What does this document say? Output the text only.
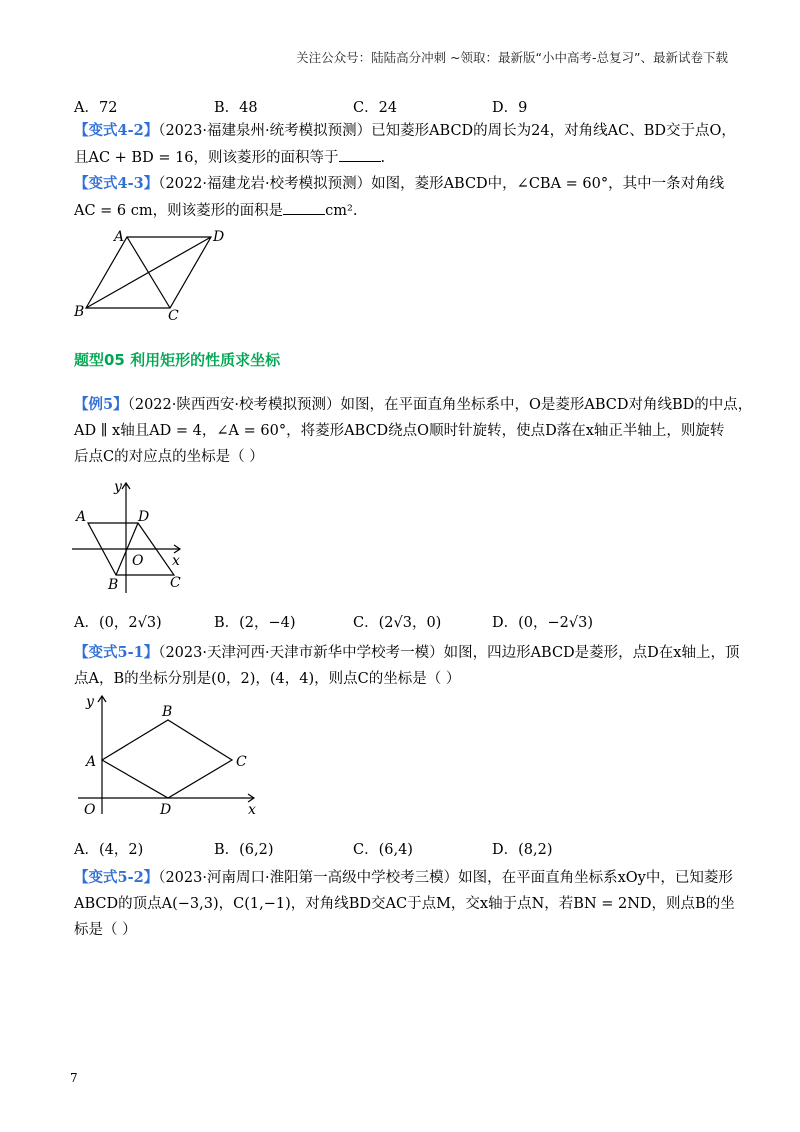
关注公众号：陆陆高分冲刺 ~领取：最新版“小中高考-总复习”、最新试卷下载
A．72	B．48	C．24	D．9
【变式4-2】（2023·福建泉州·统考模拟预测）已知菱形ABCD的周长为24，对角线AC、BD交于点O，
且AC + BD = 16，则该菱形的面积等于	.
【变式4-3】（2022·福建龙岩·校考模拟预测）如图，菱形ABCD中，∠CBA = 60°，其中一条对角线
AC = 6 cm，则该菱形的面积是	cm².
A	D
B	C
题型05 利用矩形的性质求坐标
【例5】（2022·陕西西安·校考模拟预测）如图，在平面直角坐标系中，O是菱形ABCD对角线BD的中点，
AD ∥ x轴且AD = 4，∠A = 60°，将菱形ABCD绕点O顺时针旋转，使点D落在x轴正半轴上，则旋转
后点C的对应点的坐标是（ ）
y
A	D
O x
B	C
A．(0，2√3)	B．(2，−4)	C．(2√3，0)	D．(0，−2√3)
【变式5-1】（2023·天津河西·天津市新华中学校考一模）如图，四边形ABCD是菱形，点D在x轴上，顶
点A，B的坐标分别是(0，2)，(4，4)，则点C的坐标是（ ）
y
B
A	C
O	D	x
A．(4，2)	B．(6,2)	C．(6,4)	D．(8,2)
【变式5-2】（2023·河南周口·淮阳第一高级中学校考三模）如图，在平面直角坐标系xOy中，已知菱形
ABCD的顶点A(−3,3)，C(1,−1)，对角线BD交AC于点M，交x轴于点N，若BN = 2ND，则点B的坐
标是（ ）
7
